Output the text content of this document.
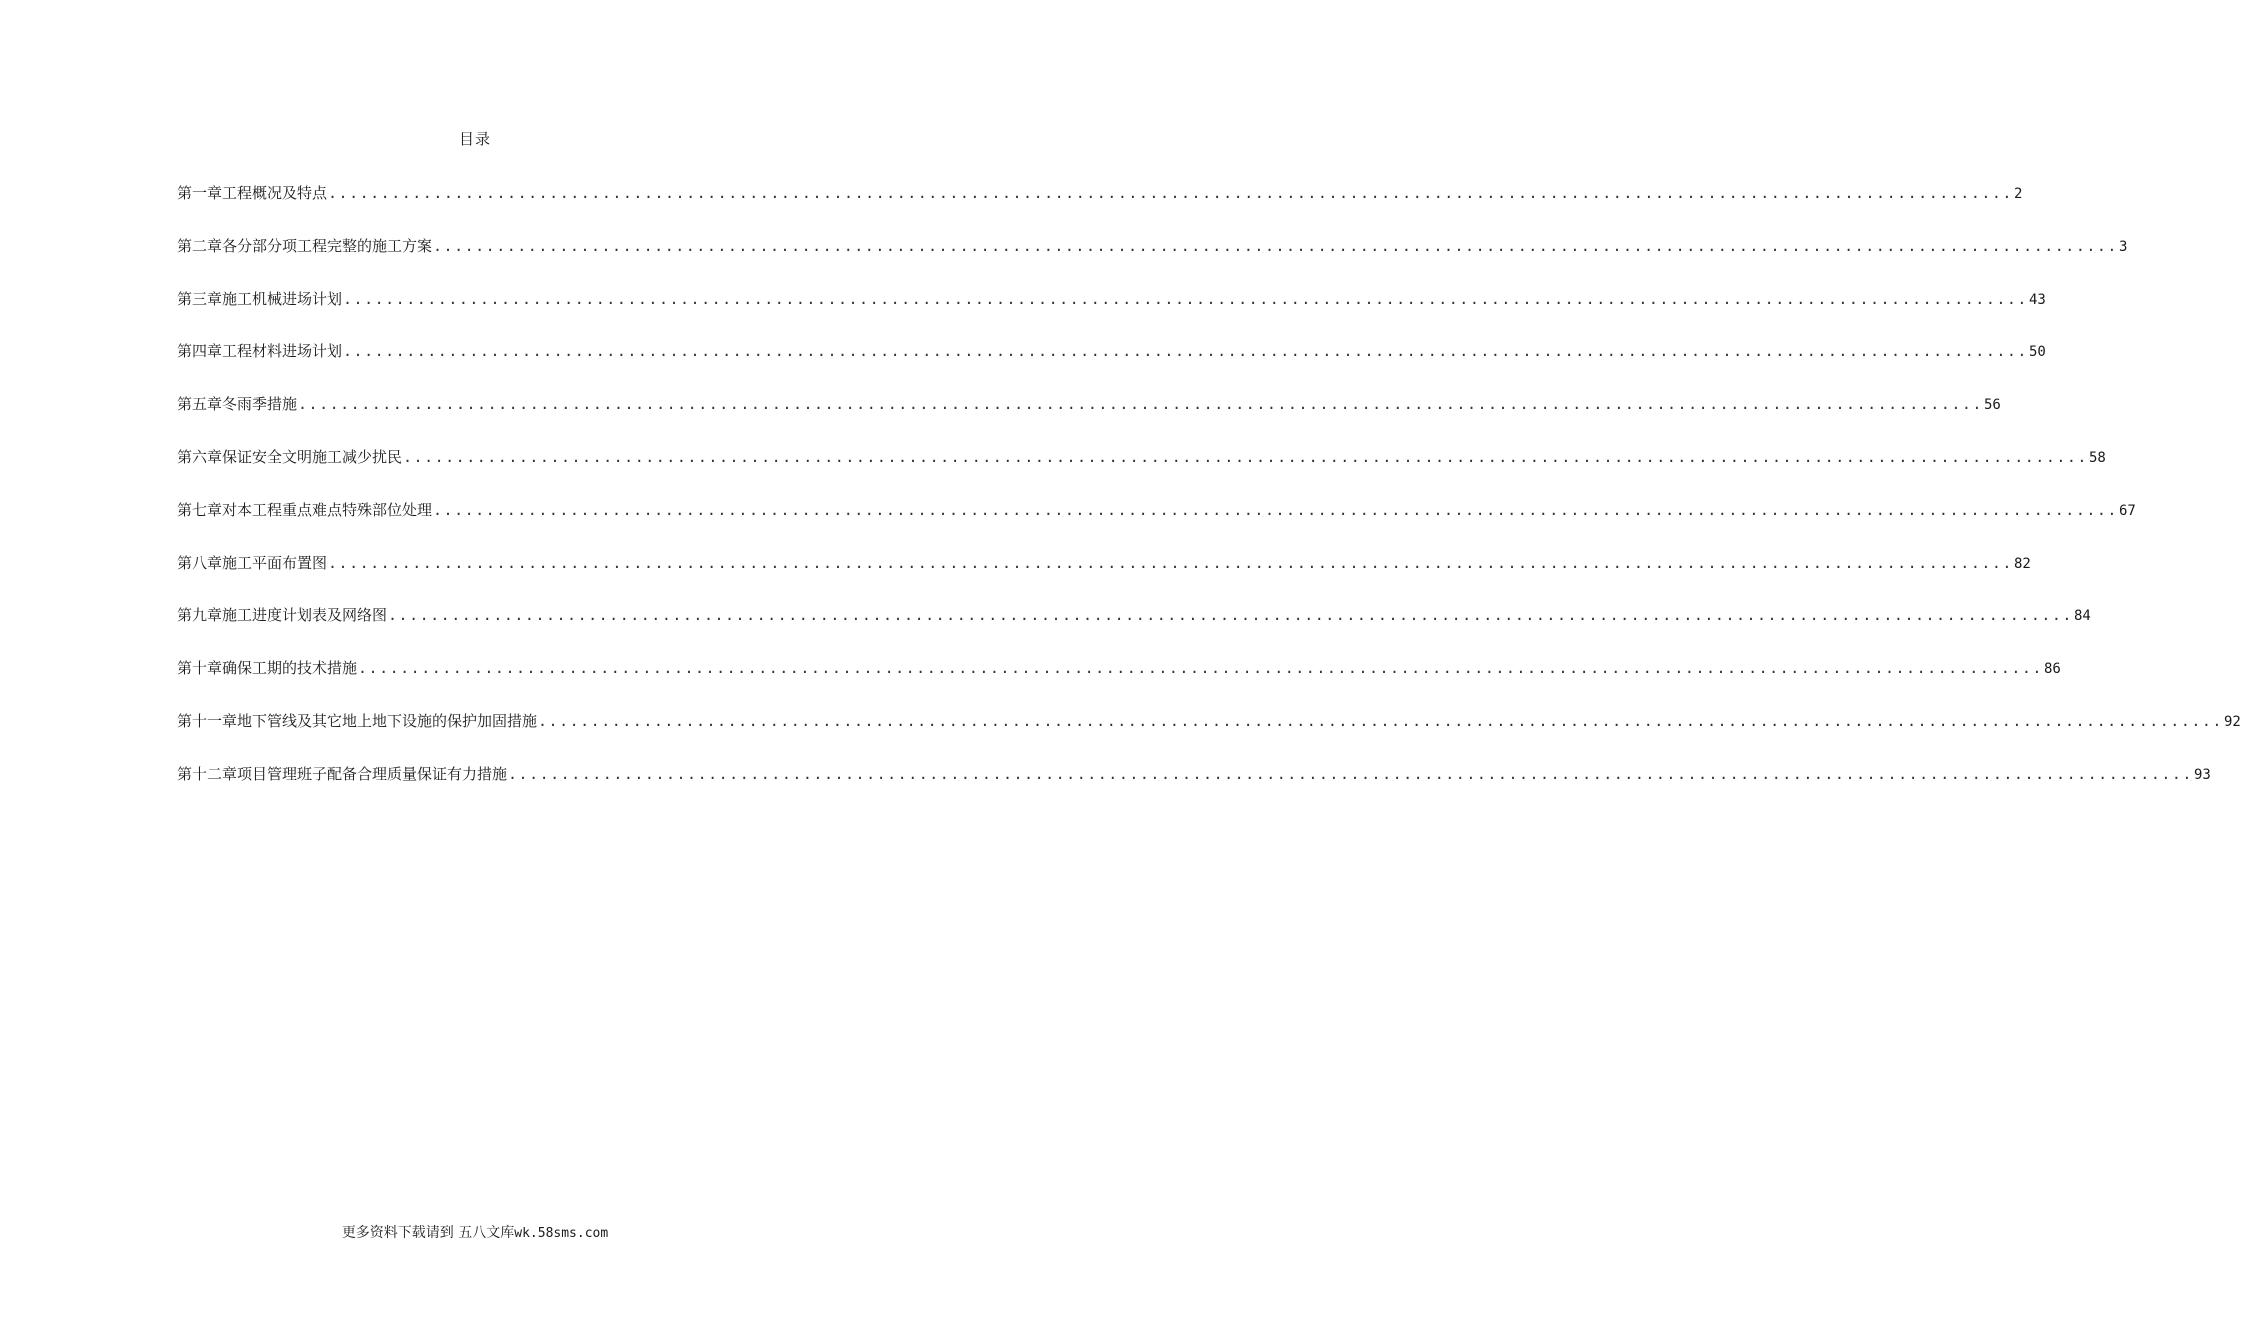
目录
第一章 工程概况及特点 ................................................................................................................................................................ 2
第二章 各分部分项工程完整的施工方案 ................................................................................................................................................................ 3
第三章 施工机械进场计划 ................................................................................................................................................................ 43
第四章 工程材料进场计划 ................................................................................................................................................................ 50
第五章 冬雨季措施 ................................................................................................................................................................ 56
第六章 保证安全文明施工减少扰民 ................................................................................................................................................................ 58
第七章 对本工程重点难点特殊部位处理 ................................................................................................................................................................ 67
第八章 施工平面布置图 ................................................................................................................................................................ 82
第九章 施工进度计划表及网络图 ................................................................................................................................................................ 84
第十章 确保工期的技术措施 ................................................................................................................................................................ 86
第十一章 地下管线及其它地上地下设施的保护加固措施 ................................................................................................................................................................ 92
第十二章 项目管理班子配备合理质量保证有力措施 ................................................................................................................................................................ 93
更多资料下载请到 五八文库wk.58sms.com
